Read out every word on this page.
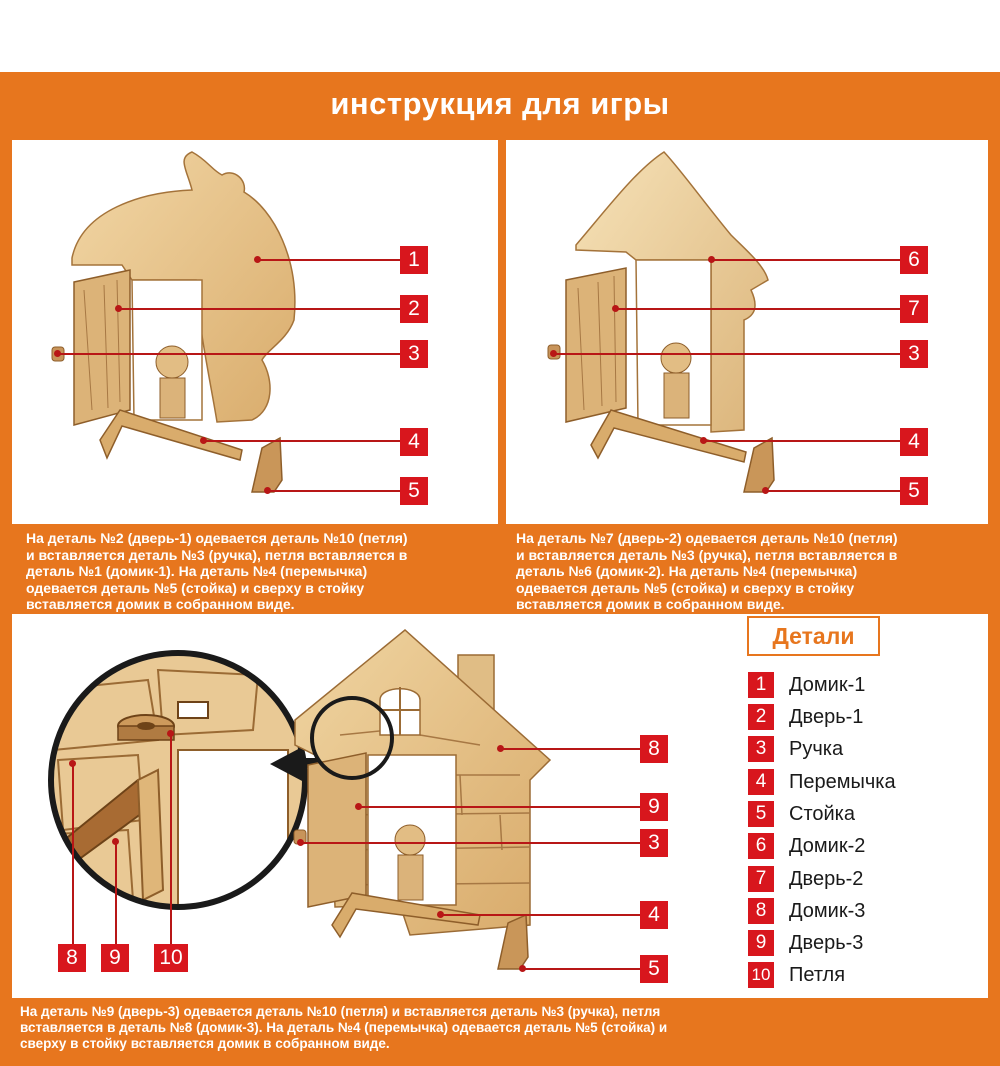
инструкция для игры
1
2
3
4
5
На деталь №2 (дверь-1) одевается деталь №10 (петля)
и вставляется деталь №3 (ручка), петля вставляется в
деталь №1 (домик-1). На деталь №4 (перемычка)
одевается деталь №5 (стойка) и сверху в стойку
вставляется домик в собранном виде.
6
7
3
4
5
На деталь №7 (дверь-2) одевается деталь №10 (петля)
и вставляется деталь №3 (ручка), петля вставляется в
деталь №6 (домик-2). На деталь №4 (перемычка)
одевается деталь №5 (стойка) и сверху в стойку
вставляется домик в собранном виде.
8
9
3
4
5
8	9	10
Детали
1	Домик-1
2	Дверь-1
3	Ручка
4	Перемычка
5	Стойка
6	Домик-2
7	Дверь-2
8	Домик-3
9	Дверь-3
10 Петля
На деталь №9 (дверь-3) одевается деталь №10 (петля) и вставляется деталь №3 (ручка), петля
вставляется в деталь №8 (домик-3). На деталь №4 (перемычка) одевается деталь №5 (стойка) и
сверху в стойку вставляется домик в собранном виде.
